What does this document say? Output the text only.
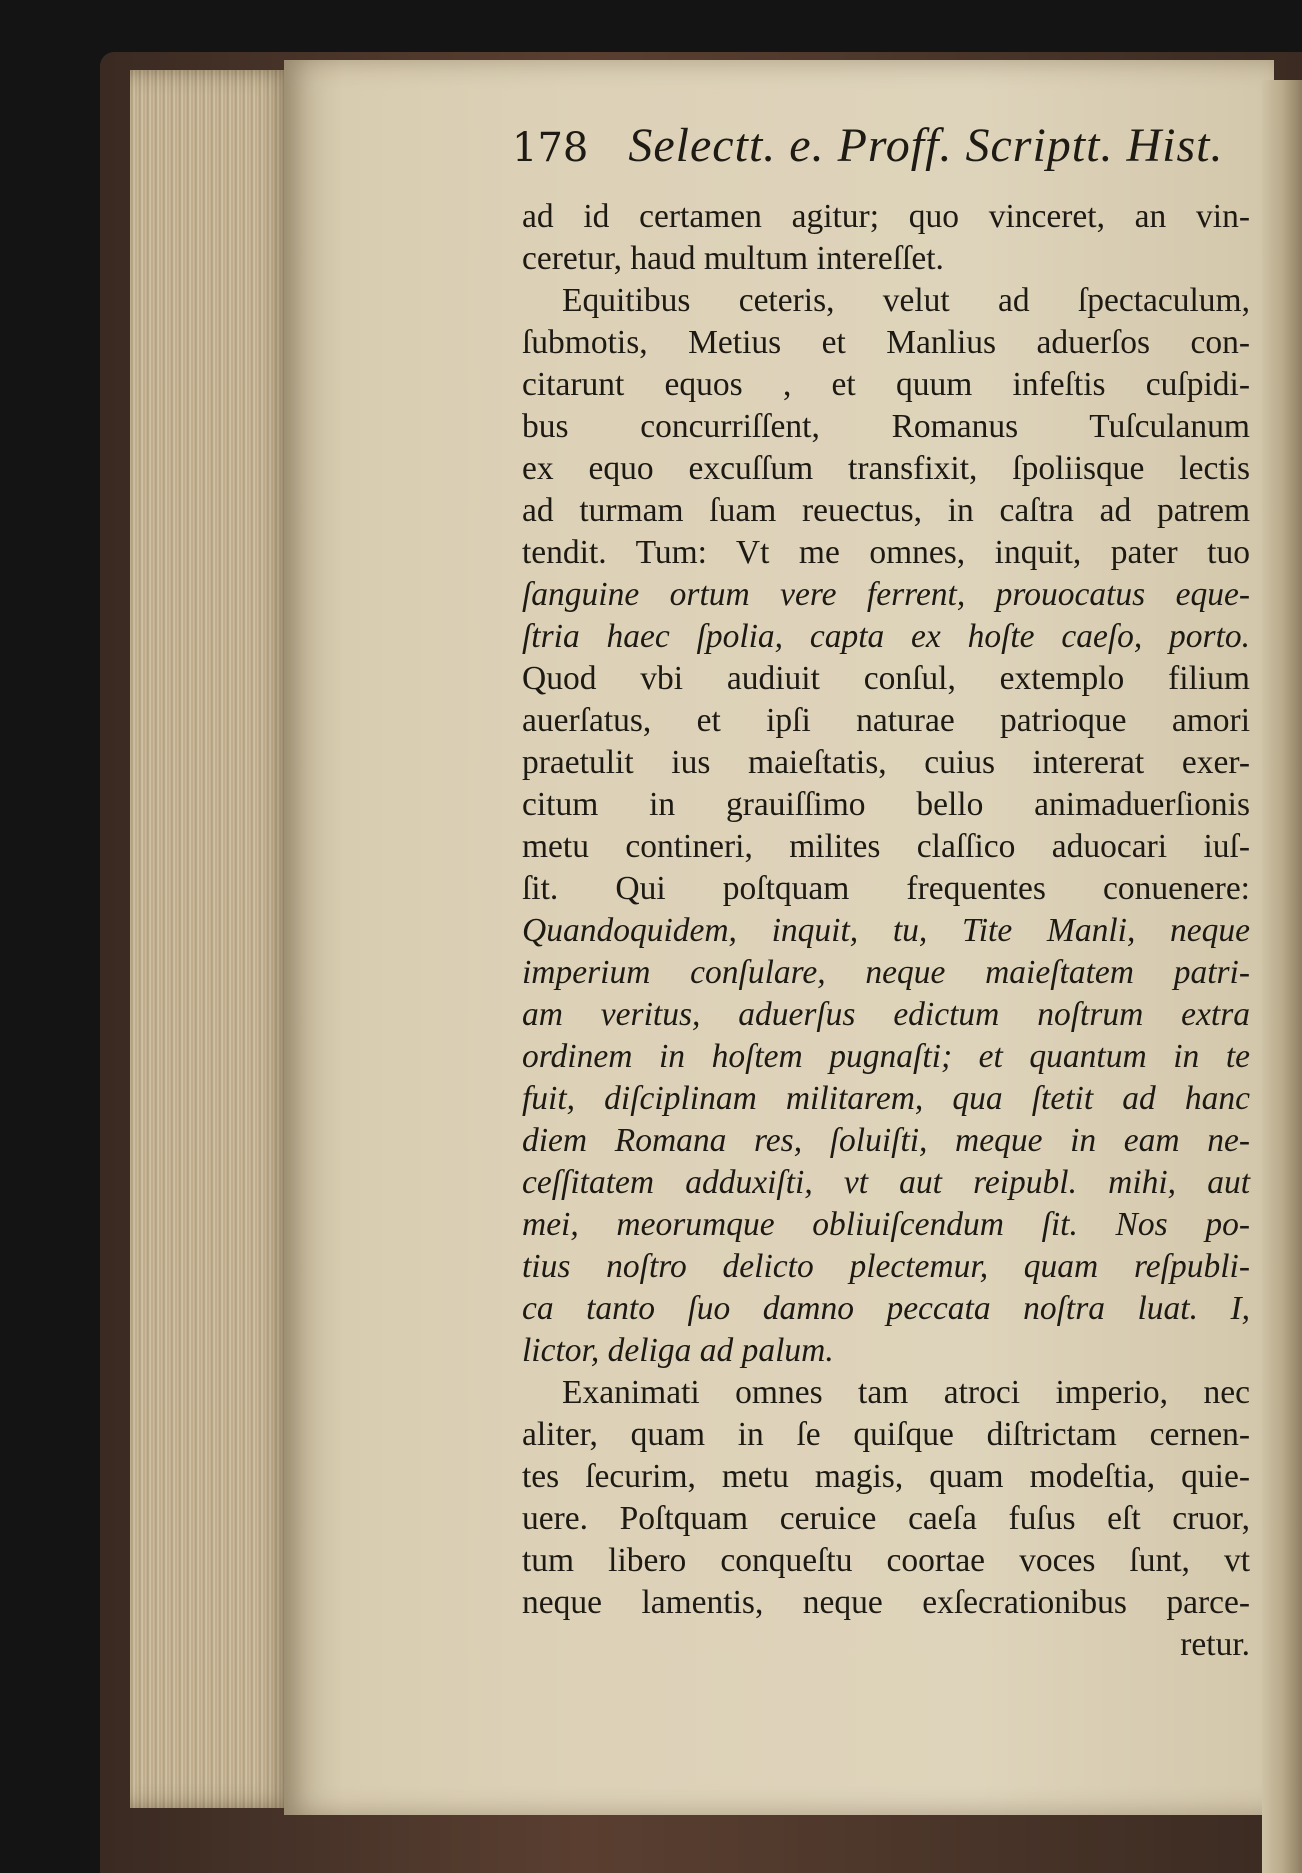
178 Selectt. e. Proff. Scriptt. Hist.
ad id certamen agitur; quo vinceret, an vin-
ceretur, haud multum intereſſet.
Equitibus ceteris, velut ad ſpectaculum,
ſubmotis, Metius et Manlius aduerſos con-
citarunt equos , et quum infeſtis cuſpidi-
bus concurriſſent, Romanus Tuſculanum
ex equo excuſſum transfixit, ſpoliisque lectis
ad turmam ſuam reuectus, in caſtra ad patrem
tendit. Tum: Vt me omnes, inquit, pater tuo
ſanguine ortum vere ferrent, prouocatus eque-
ſtria haec ſpolia, capta ex hoſte caeſo, porto.
Quod vbi audiuit conſul, extemplo filium
auerſatus, et ipſi naturae patrioque amori
praetulit ius maieſtatis, cuius intererat exer-
citum in grauiſſimo bello animaduerſionis
metu contineri, milites claſſico aduocari iuſ-
ſit. Qui poſtquam frequentes conuenere:
Quandoquidem, inquit, tu, Tite Manli, neque
imperium conſulare, neque maieſtatem patri-
am veritus, aduerſus edictum noſtrum extra
ordinem in hoſtem pugnaſti; et quantum in te
fuit, diſciplinam militarem, qua ſtetit ad hanc
diem Romana res, ſoluiſti, meque in eam ne-
ceſſitatem adduxiſti, vt aut reipubl. mihi, aut
mei, meorumque obliuiſcendum ſit. Nos po-
tius noſtro delicto plectemur, quam reſpubli-
ca tanto ſuo damno peccata noſtra luat. I,
lictor, deliga ad palum.
Exanimati omnes tam atroci imperio, nec
aliter, quam in ſe quiſque diſtrictam cernen-
tes ſecurim, metu magis, quam modeſtia, quie-
uere. Poſtquam ceruice caeſa fuſus eſt cruor,
tum libero conqueſtu coortae voces ſunt, vt
neque lamentis, neque exſecrationibus parce-
retur.
